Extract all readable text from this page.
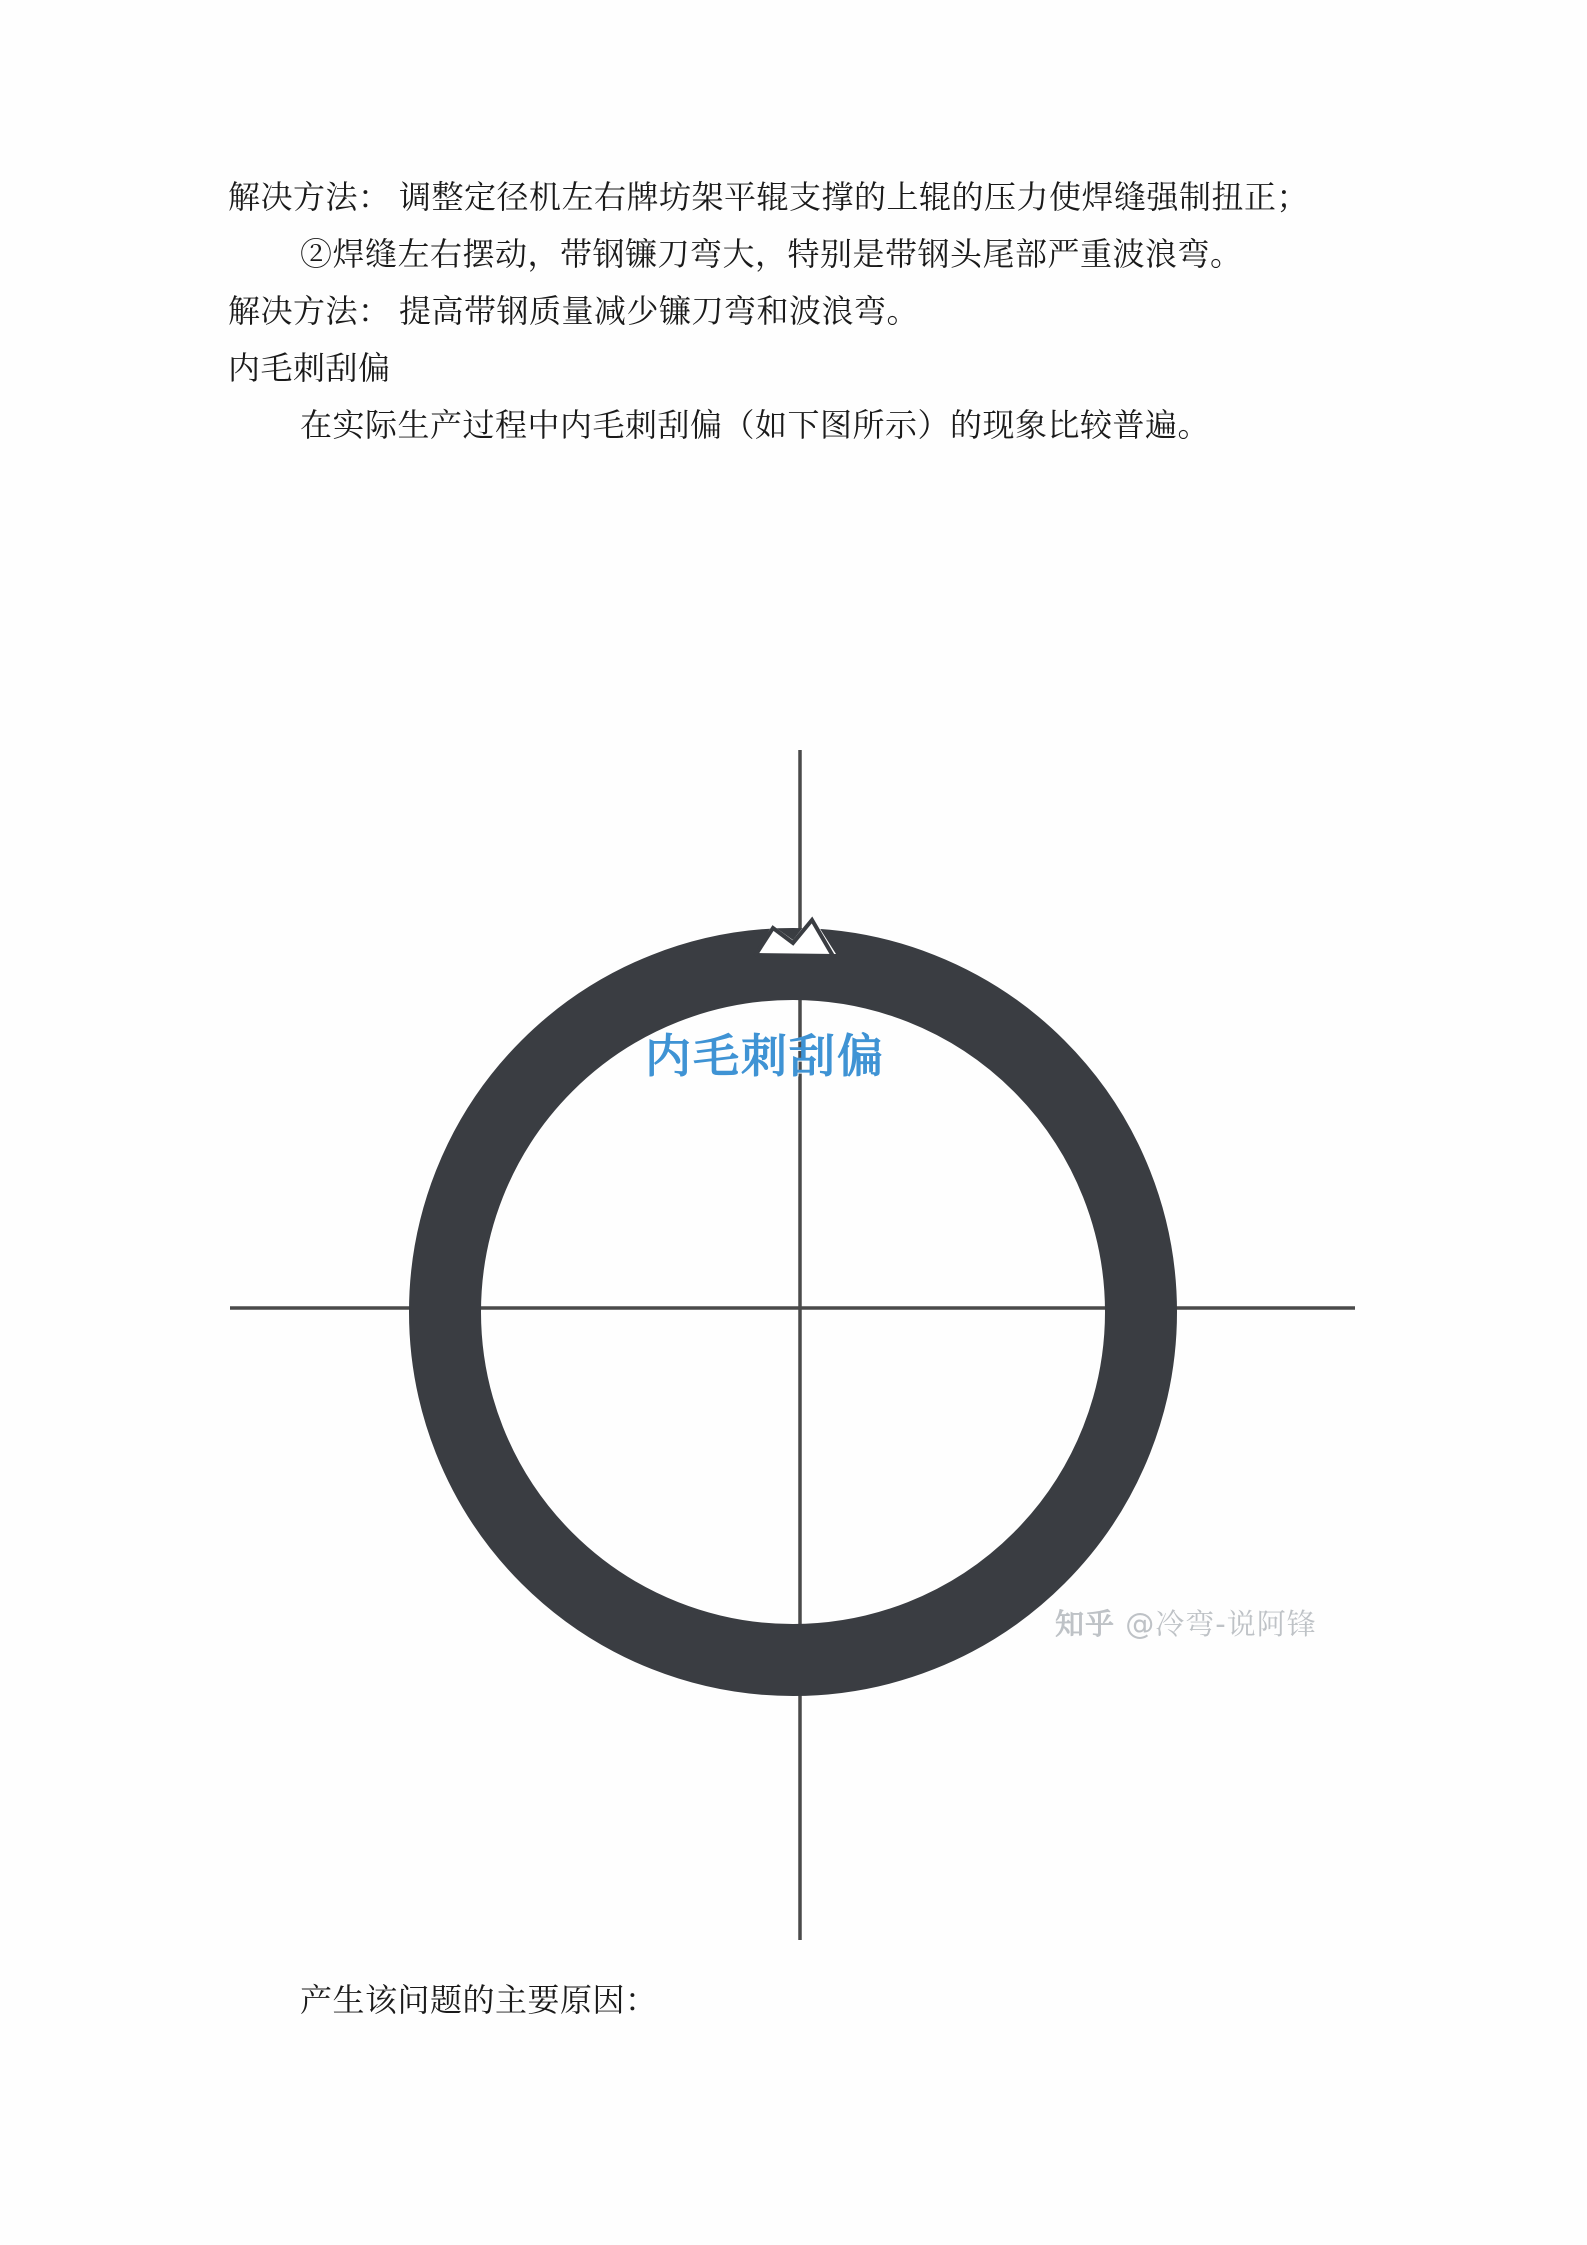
解决方法： 调整定径机左右牌坊架平辊支撑的上辊的压力使焊缝强制扭正；

②焊缝左右摆动，带钢镰刀弯大，特别是带钢头尾部严重波浪弯。

解决方法： 提高带钢质量减少镰刀弯和波浪弯。

内毛刺刮偏

在实际生产过程中内毛刺刮偏（如下图所示）的现象比较普遍。

内毛刺刮偏
知乎 @冷弯-说阿锋
产生该问题的主要原因：
